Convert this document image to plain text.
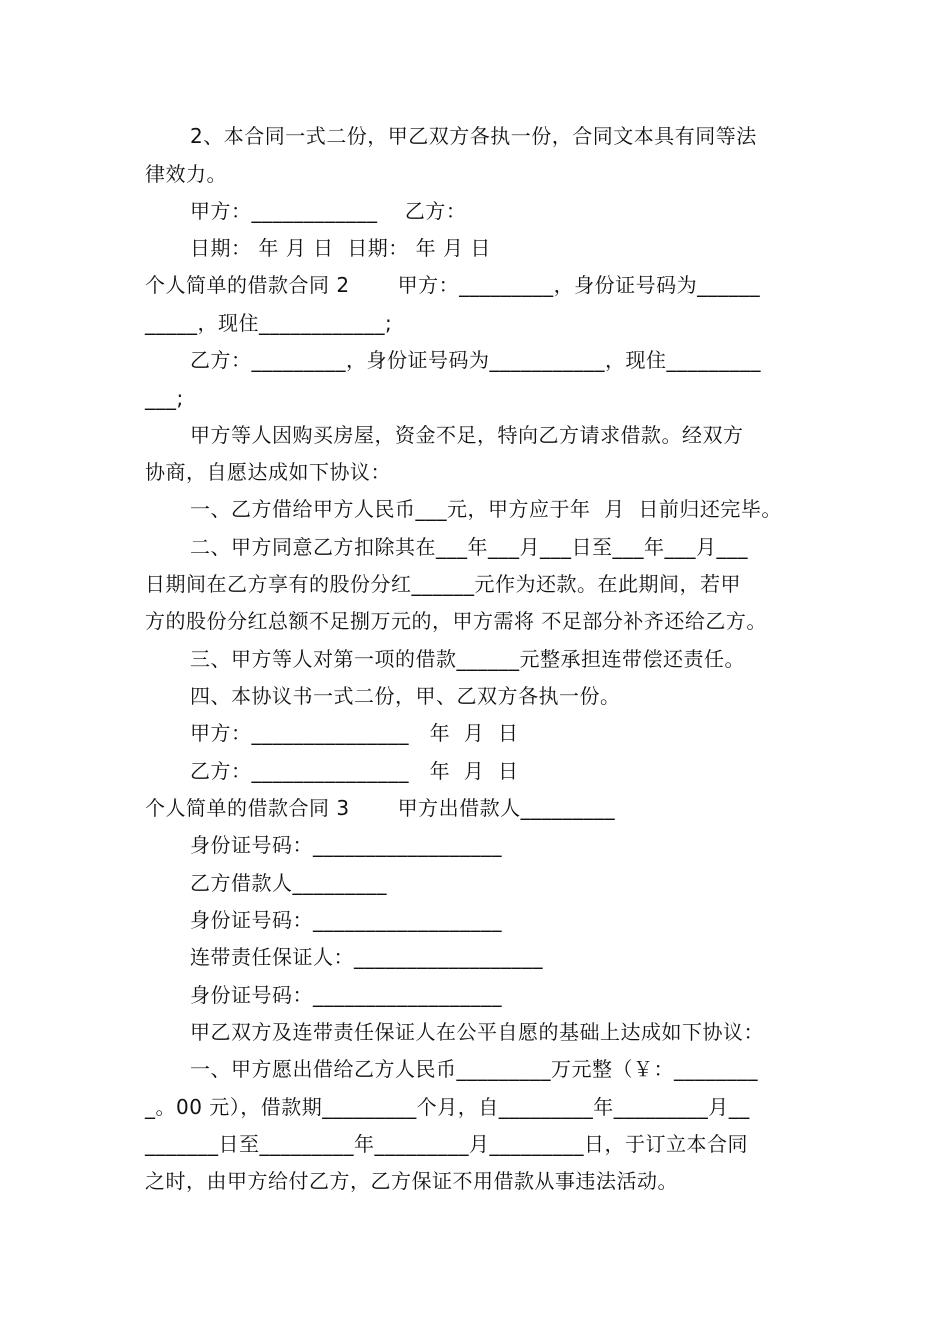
2、本合同一式二份，甲乙双方各执一份，合同文本具有同等法
律效力。
甲方：____________    乙方：
日期： 年 月 日  日期： 年 月 日
个人简单的借款合同 2       甲方：_________，身份证号码为______
_____，现住____________;
乙方：_________，身份证号码为___________，现住_________
___;
甲方等人因购买房屋，资金不足，特向乙方请求借款。经双方
协商，自愿达成如下协议：
一、乙方借给甲方人民币___元，甲方应于年  月  日前归还完毕。
二、甲方同意乙方扣除其在___年___月___日至___年___月___
日期间在乙方享有的股份分红______元作为还款。在此期间，若甲
方的股份分红总额不足捌万元的，甲方需将 不足部分补齐还给乙方。
三、甲方等人对第一项的借款______元整承担连带偿还责任。
四、本协议书一式二份，甲、乙双方各执一份。
甲方：_______________   年  月  日
乙方：_______________   年  月  日
个人简单的借款合同 3       甲方出借款人_________
身份证号码：__________________
乙方借款人_________
身份证号码：__________________
连带责任保证人：__________________
身份证号码：__________________
甲乙双方及连带责任保证人在公平自愿的基础上达成如下协议：
一、甲方愿出借给乙方人民币_________万元整（￥：________
_。00 元），借款期_________个月，自_________年_________月__
_______日至_________年_________月_________日，于订立本合同
之时，由甲方给付乙方，乙方保证不用借款从事违法活动。
